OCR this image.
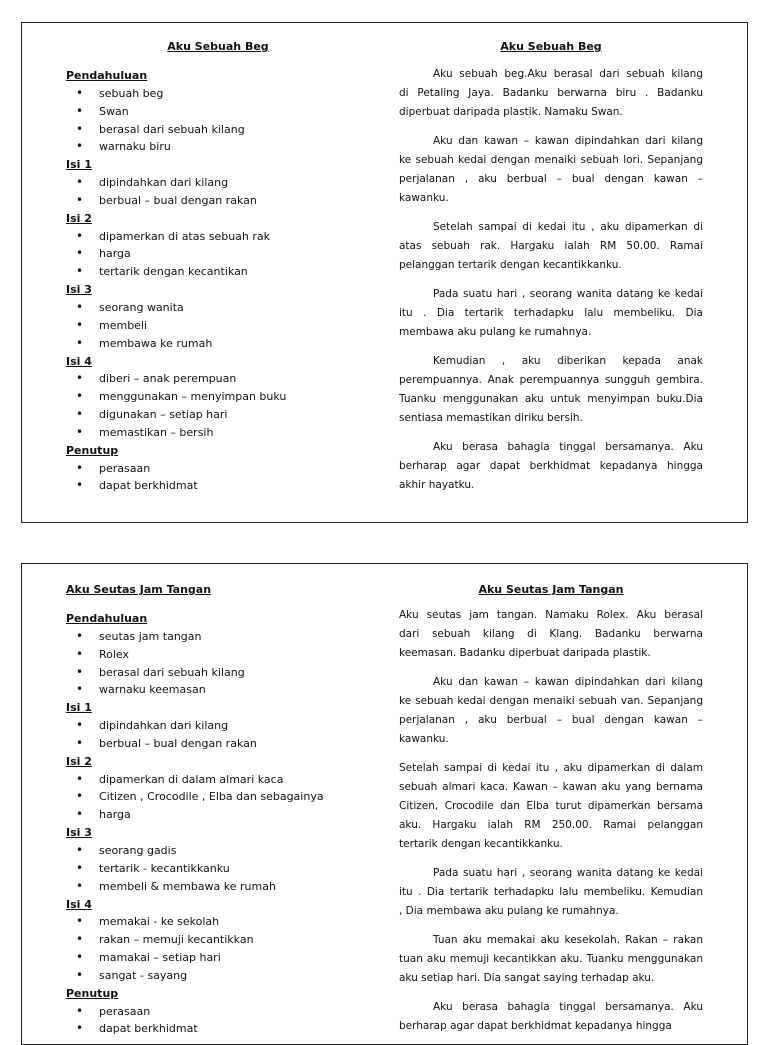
Aku Sebuah Beg
Pendahuluan
• sebuah beg
• Swan
• berasal dari sebuah kilang
• warnaku biru
Isi 1
• dipindahkan dari kilang
• berbual – bual dengan rakan
Isi 2
• dipamerkan di atas sebuah rak
• harga
• tertarik dengan kecantikan
Isi 3
• seorang wanita
• membeli
• membawa ke rumah
Isi 4
• diberi – anak perempuan
• menggunakan – menyimpan buku
• digunakan – setiap hari
• memastikan – bersih
Penutup
• perasaan
• dapat berkhidmat
Aku Sebuah Beg
Aku sebuah beg.Aku berasal dari sebuah kilang
di Petaling Jaya. Badanku berwarna biru . Badanku
diperbuat daripada plastik. Namaku Swan.
Aku dan kawan – kawan dipindahkan dari kilang
ke sebuah kedai dengan menaiki sebuah lori. Sepanjang
perjalanan , aku berbual – bual dengan kawan –
kawanku.
Setelah sampai di kedai itu , aku dipamerkan di
atas sebuah rak. Hargaku ialah RM 50.00. Ramai
pelanggan tertarik dengan kecantikkanku.
Pada suatu hari , seorang wanita datang ke kedai
itu . Dia tertarik terhadapku lalu membeliku. Dia
membawa aku pulang ke rumahnya.
Kemudian , aku diberikan kepada anak
perempuannya. Anak perempuannya sungguh gembira.
Tuanku menggunakan aku untuk menyimpan buku.Dia
sentiasa memastikan diriku bersih.
Aku berasa bahagia tinggal bersamanya. Aku
berharap agar dapat berkhidmat kepadanya hingga
akhir hayatku.
Aku Seutas Jam Tangan
Pendahuluan
• seutas jam tangan
• Rolex
• berasal dari sebuah kilang
• warnaku keemasan
Isi 1
• dipindahkan dari kilang
• berbual – bual dengan rakan
Isi 2
• dipamerkan di dalam almari kaca
• Citizen , Crocodile , Elba dan sebagainya
• harga
Isi 3
• seorang gadis
• tertarik - kecantikkanku
• membeli & membawa ke rumah
Isi 4
• memakai - ke sekolah
• rakan – memuji kecantikkan
• mamakai – setiap hari
• sangat - sayang
Penutup
• perasaan
• dapat berkhidmat
Aku Seutas Jam Tangan
Aku seutas jam tangan. Namaku Rolex. Aku berasal
dari sebuah kilang di Klang. Badanku berwarna
keemasan. Badanku diperbuat daripada plastik.
Aku dan kawan – kawan dipindahkan dari kilang
ke sebuah kedai dengan menaiki sebuah van. Sepanjang
perjalanan , aku berbual – bual dengan kawan –
kawanku.
Setelah sampai di kedai itu , aku dipamerkan di dalam
sebuah almari kaca. Kawan – kawan aku yang bernama
Citizen, Crocodile dan Elba turut dipamerkan bersama
aku. Hargaku ialah RM 250.00. Ramai pelanggan
tertarik dengan kecantikkanku.
Pada suatu hari , seorang wanita datang ke kedai
itu . Dia tertarik terhadapku lalu membeliku. Kemudian
, Dia membawa aku pulang ke rumahnya.
Tuan aku memakai aku kesekolah. Rakan – rakan
tuan aku memuji kecantikkan aku. Tuanku menggunakan
aku setiap hari. Dia sangat saying terhadap aku.
Aku berasa bahagia tinggal bersamanya. Aku
berharap agar dapat berkhidmat kepadanya hingga
